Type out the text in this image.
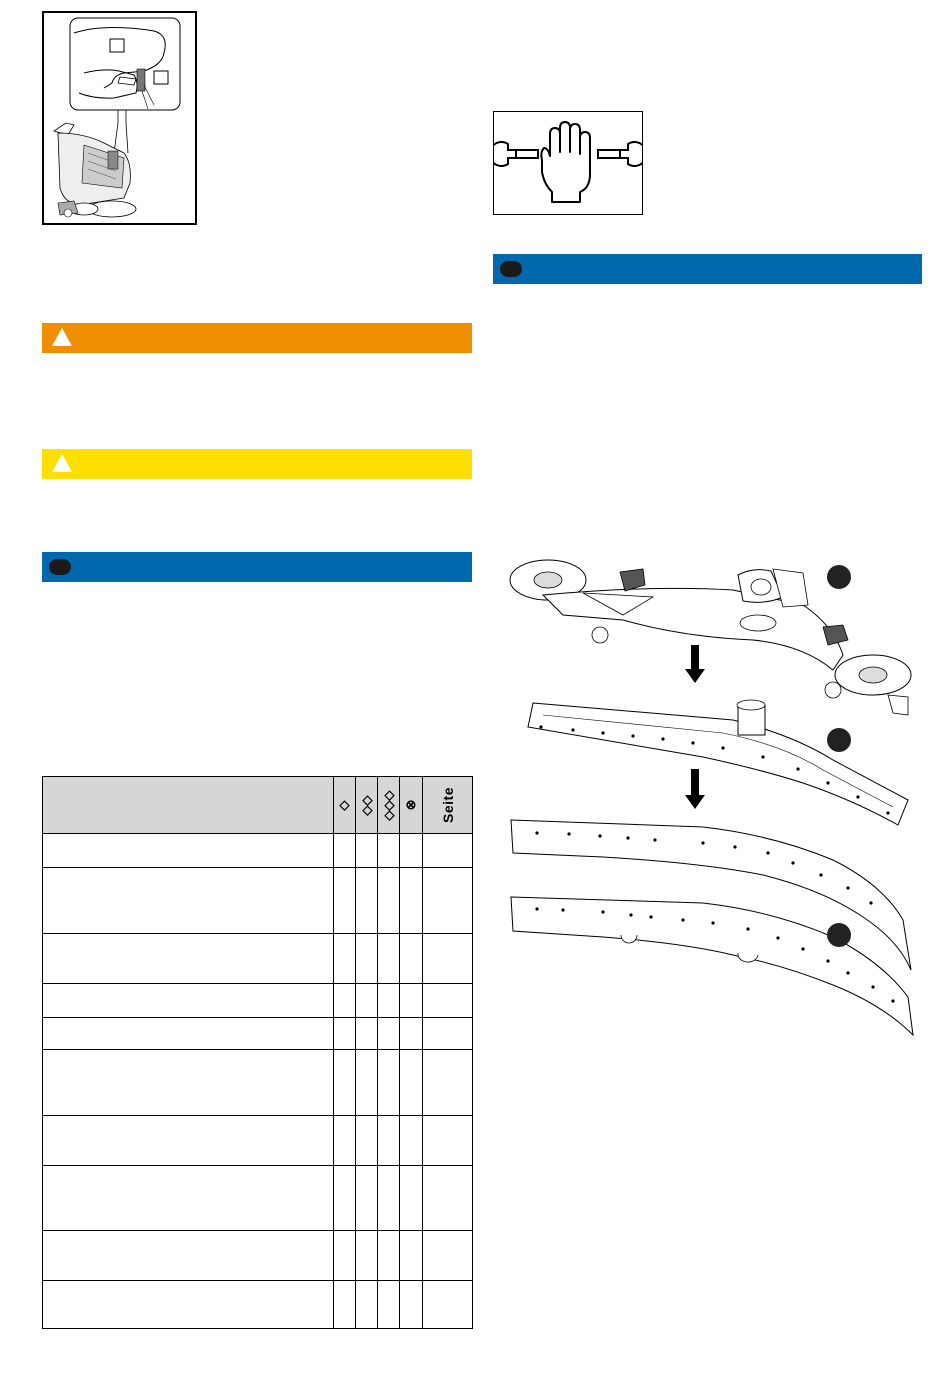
	◇	◇◇	◇◇◇	⊗	Seite
